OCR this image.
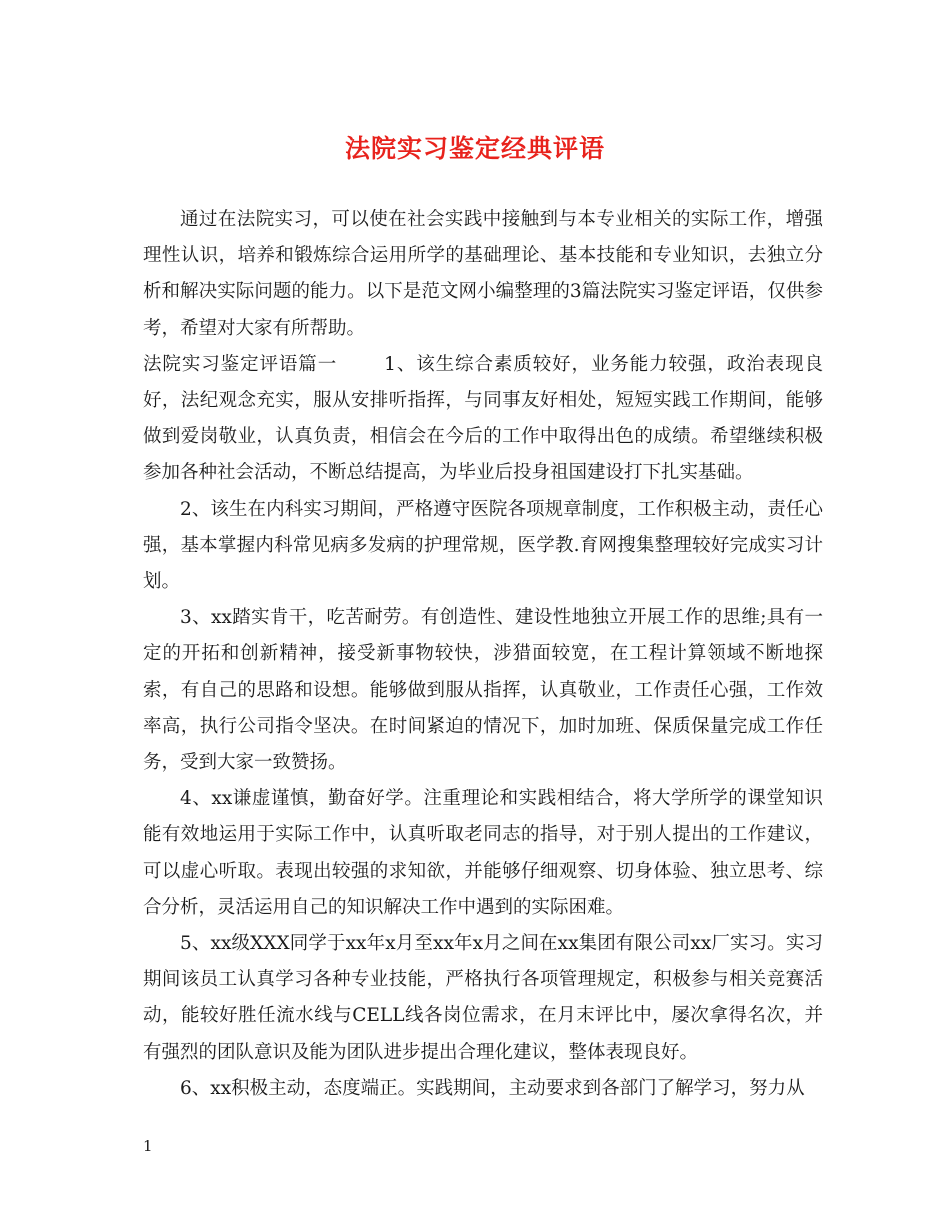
法院实习鉴定经典评语

通过在法院实习，可以使在社会实践中接触到与本专业相关的实际工作，增强理性认识，培养和锻炼综合运用所学的基础理论、基本技能和专业知识，去独立分析和解决实际问题的能力。以下是范文网小编整理的3篇法院实习鉴定评语，仅供参考，希望对大家有所帮助。

法院实习鉴定评语篇一	1、该生综合素质较好，业务能力较强，政治表现良好，法纪观念充实，服从安排听指挥，与同事友好相处，短短实践工作期间，能够做到爱岗敬业，认真负责，相信会在今后的工作中取得出色的成绩。希望继续积极参加各种社会活动，不断总结提高，为毕业后投身祖国建设打下扎实基础。

2、该生在内科实习期间，严格遵守医院各项规章制度，工作积极主动，责任心强，基本掌握内科常见病多发病的护理常规，医学教.育网搜集整理较好完成实习计划。

3、xx踏实肯干，吃苦耐劳。有创造性、建设性地独立开展工作的思维;具有一定的开拓和创新精神，接受新事物较快，涉猎面较宽，在工程计算领域不断地探索，有自己的思路和设想。能够做到服从指挥，认真敬业，工作责任心强，工作效率高，执行公司指令坚决。在时间紧迫的情况下，加时加班、保质保量完成工作任务，受到大家一致赞扬。

4、xx谦虚谨慎，勤奋好学。注重理论和实践相结合，将大学所学的课堂知识能有效地运用于实际工作中，认真听取老同志的指导，对于别人提出的工作建议，可以虚心听取。表现出较强的求知欲，并能够仔细观察、切身体验、独立思考、综合分析，灵活运用自己的知识解决工作中遇到的实际困难。

5、xx级XXX同学于xx年x月至xx年x月之间在xx集团有限公司xx厂实习。实习期间该员工认真学习各种专业技能，严格执行各项管理规定，积极参与相关竞赛活动，能较好胜任流水线与CELL线各岗位需求，在月末评比中，屡次拿得名次，并有强烈的团队意识及能为团队进步提出合理化建议，整体表现良好。

6、xx积极主动，态度端正。实践期间，主动要求到各部门了解学习，努力从

1
